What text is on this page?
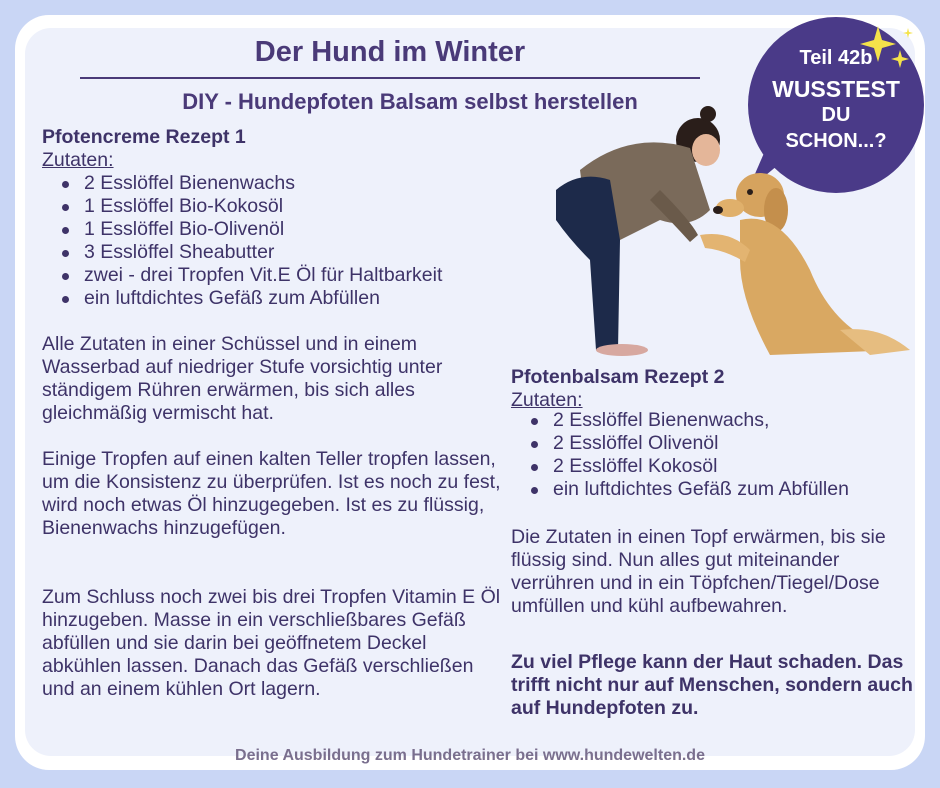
Der Hund im Winter
DIY - Hundepfoten Balsam selbst herstellen
Teil 42b
WUSSTEST
DU
SCHON...?
Pfotencreme Rezept 1

Zutaten:

2 Esslöffel Bienenwachs
1 Esslöffel Bio-Kokosöl
1 Esslöffel Bio-Olivenöl
3 Esslöffel Sheabutter
zwei - drei Tropfen Vit.E Öl für Haltbarkeit
ein luftdichtes Gefäß zum Abfüllen

Alle Zutaten in einer Schüssel und in einem Wasserbad auf niedriger Stufe vorsichtig unter ständigem Rühren erwärmen, bis sich alles gleichmäßig vermischt hat.

Einige Tropfen auf einen kalten Teller tropfen lassen, um die Konsistenz zu überprüfen. Ist es noch zu fest, wird noch etwas Öl hinzugegeben. Ist es zu flüssig, Bienenwachs hinzugefügen.

Zum Schluss noch zwei bis drei Tropfen Vitamin E Öl hinzugeben. Masse in ein verschließbares Gefäß abfüllen und sie darin bei geöffnetem Deckel abkühlen lassen. Danach das Gefäß verschließen und an einem kühlen Ort lagern.

Pfotenbalsam Rezept 2

Zutaten:

2 Esslöffel Bienenwachs,
2 Esslöffel Olivenöl
2 Esslöffel Kokosöl
ein luftdichtes Gefäß zum Abfüllen

Die Zutaten in einen Topf erwärmen, bis sie flüssig sind. Nun alles gut miteinander verrühren und in ein Töpfchen/Tiegel/Dose umfüllen und kühl aufbewahren.

Zu viel Pflege kann der Haut schaden. Das trifft nicht nur auf Menschen, sondern auch auf Hundepfoten zu.

Deine Ausbildung zum Hundetrainer bei www.hundewelten.de
